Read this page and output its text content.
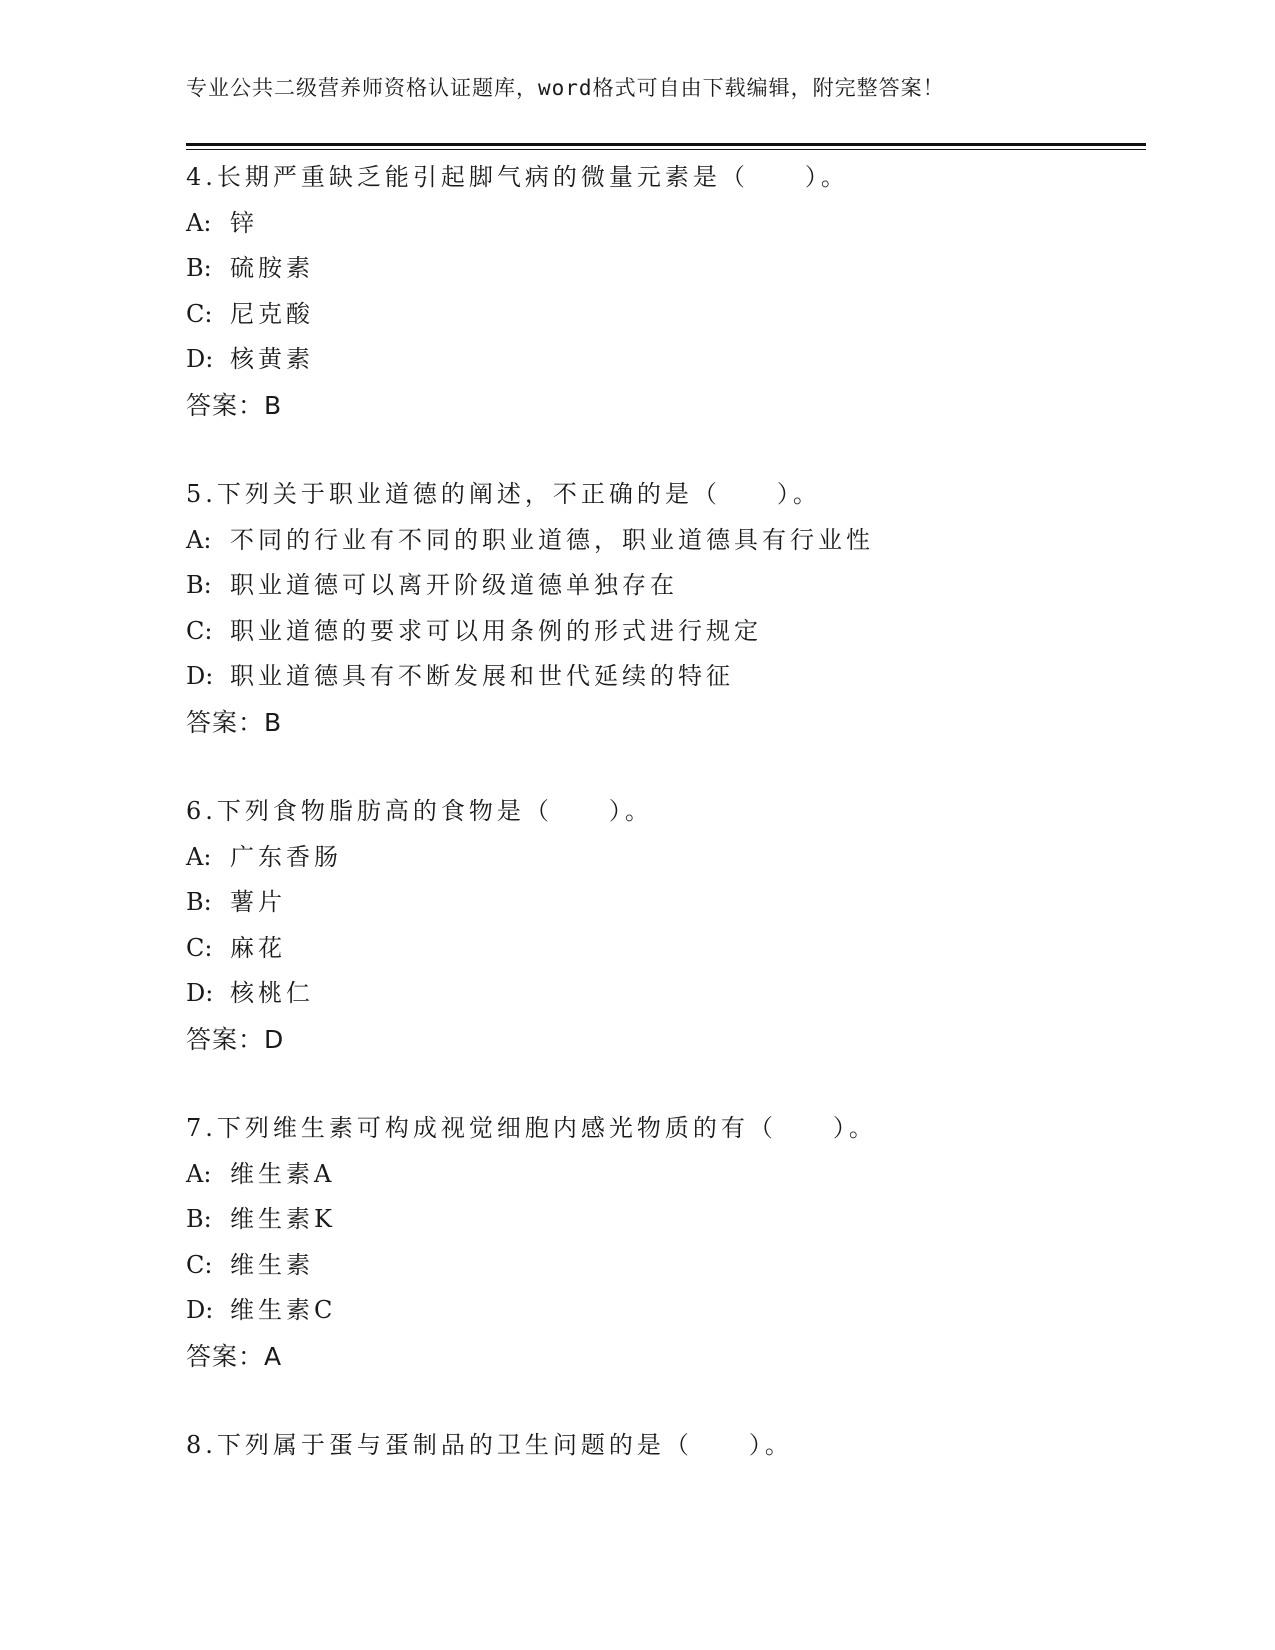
专业公共二级营养师资格认证题库，word格式可自由下载编辑，附完整答案！
4.长期严重缺乏能引起脚气病的微量元素是（　　）。
A: 锌
B: 硫胺素
C: 尼克酸
D: 核黄素
答案：B
5.下列关于职业道德的阐述，不正确的是（　　）。
A: 不同的行业有不同的职业道德，职业道德具有行业性
B: 职业道德可以离开阶级道德单独存在
C: 职业道德的要求可以用条例的形式进行规定
D: 职业道德具有不断发展和世代延续的特征
答案：B
6.下列食物脂肪高的食物是（　　）。
A: 广东香肠
B: 薯片
C: 麻花
D: 核桃仁
答案：D
7.下列维生素可构成视觉细胞内感光物质的有（　　）。
A: 维生素A
B: 维生素K
C: 维生素
D: 维生素C
答案：A
8.下列属于蛋与蛋制品的卫生问题的是（　　）。
